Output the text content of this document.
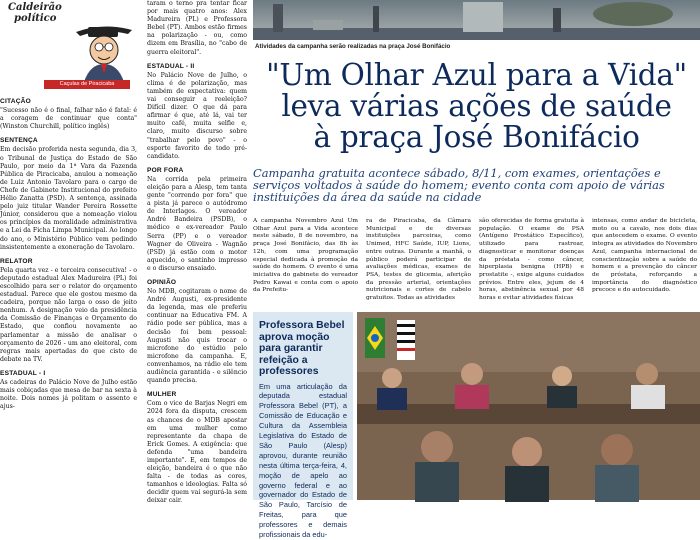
Caldeirão
político
Caçulas de Piracicaba
CITAÇÃO

"Sucesso não é o final, falhar não é fatal: é a coragem de continuar que conta" (Winston Churchill, político inglês)

SENTENÇA

Em decisão proferida nesta segunda, dia 3, o Tribunal de Justiça do Estado de São Paulo, por meio da 1ª Vara da Fazenda Pública de Piracicaba, anulou a nomeação de Luiz Antonio Tavolaro para o cargo de Chefe de Gabinete Institucional do prefeito Hélio Zanatta (PSD). A sentença, assinada pelo juiz titular Wander Pereira Rossette Júnior, considerou que a nomeação violou os princípios da moralidade administrativa e a Lei da Ficha Limpa Municipal. Ao longo do ano, o Ministério Público vem pedindo insistentemente a exoneração de Tavolaro.

RELATOR

Pela quarta vez - e terceira consecutiva! - o deputado estadual Alex Madureira (PL) foi escolhido para ser o relator do orçamento estadual. Parece que ele gostou mesmo da cadeira, porque não larga o osso de jeito nenhum. A designação veio da presidência da Comissão de Finanças e Orçamento do Estado, que confiou novamente ao parlamentar a missão de analisar o orçamento de 2026 - um ano eleitoral, com regras mais apertadas do que cisto de debate na TV.

ESTADUAL - I

As cadeiras do Palácio Nove de Julho estão mais cobiçadas que mesa de bar na sexta à noite. Dois nomes já politam o assento e ajus-

taram o terno pra tentar ficar por mais quatro anos: Alex Madureira (PL) e Professora Bebel (PT). Ambos estão firmes na polarização - ou, como dizem em Brasília, no "cabo de guerra eleitoral".

ESTADUAL - II

No Palácio Nove de Julho, o clima é de polarização, mas também de expectativa: quem vai conseguir a reeleição? Difícil dizer. O que dá para afirmar é que, até lá, vai ter muito café, muita selfie e, claro, muito discurso sobre "trabalhar pelo povo" - o esporte favorito de todo pré-candidato.

POR FORA

Na corrida pela primeira eleição para a Alesp, tem tanta gente "correndo por fora" que a pista já parece o autódromo de Interlagos. O vereador André Bandeira (PSDB), o médico e ex-vereador Paulo Serra (PP) e o vereador Wagner de Oliveira - Wagnão (PSD) já estão com o motor aquecido, o santinho impresso e o discurso ensaiado.

OPINIÃO

No MDB, cogitaram o nome de André Augusti, ex-presidente da legenda, mas ele preferiu continuar na Educativa FM. A rádio pode ser pública, mas a decisão foi bem pessoal: Augusti não quis trocar o microfone do estúdio pelo microfone da campanha. E, convenhamos, na rádio ele tem audiência garantida - e silêncio quando precisa.

MULHER

Com o vice de Barjas Negri em 2024 fora da disputa, crescem as chances de o MDB apostar em uma mulher como representante da chapa de Erick Gomes. A exigência: que defenda "uma bandeira importante". E, em tempos de eleição, bandeira é o que não falta - de todas as cores, tamanhos e ideologias. Falta só decidir quem vai segurá-la sem deixar cair.

Atividades da campanha serão realizadas na praça José Bonifácio
"Um Olhar Azul para a Vida"
leva várias ações de saúde
à praça José Bonifácio
Campanha gratuita acontece sábado, 8/11, com exames, orientações e serviços voltados à saúde do homem; evento conta com apoio de várias instituições da área da saúde na cidade
A campanha Novembro Azul Um Olhar Azul para a Vida acontece neste sábado, 8 de novembro, na praça José Bonifácio, das 8h às 12h, com uma programação especial dedicada à promoção da saúde do homem. O evento é uma iniciativa do gabinete do vereador Pedro Kawai e conta com o apoio da Prefeitu-
ra de Piracicaba, da Câmara Municipal e de diversas instituições parceiras, como Unimed, HFC Saúde, IUP, Lions, entre outras. Durante a manhã, o público poderá participar de avaliações médicas, exames de PSA, testes de glicemia, aferição da pressão arterial, orientações nutricionais e cortes de cabelo gratuitos. Todas as atividades
são oferecidas de forma gratuita à população. O exame de PSA (Antígeno Prostático Específico), utilizado para rastrear, diagnosticar e monitorar doenças da próstata - como câncer, hiperplasia benigna (HPB) e prostatite -, exige alguns cuidados prévios. Entre eles, jejum de 4 horas, abstinência sexual por 48 horas e evitar atividades físicas
intensas, como andar de bicicleta, moto ou a cavalo, nos dois dias que antecedem o exame. O evento integra as atividades do Novembro Azul, campanha internacional de conscientização sobre a saúde do homem e a prevenção do câncer de próstata, reforçando a importância do diagnóstico precoce e do autocuidado.
Professora Bebel aprova moção para garantir refeição a professores
Em uma articulação da deputada estadual Professora Bebel (PT), a Comissão de Educação e Cultura da Assembleia Legislativa do Estado de São Paulo (Alesp) aprovou, durante reunião nesta última terça-feira, 4, moção de apelo ao governo federal e ao governador do Estado de São Paulo, Tarcísio de Freitas, para que professores e demais profissionais da edu-
